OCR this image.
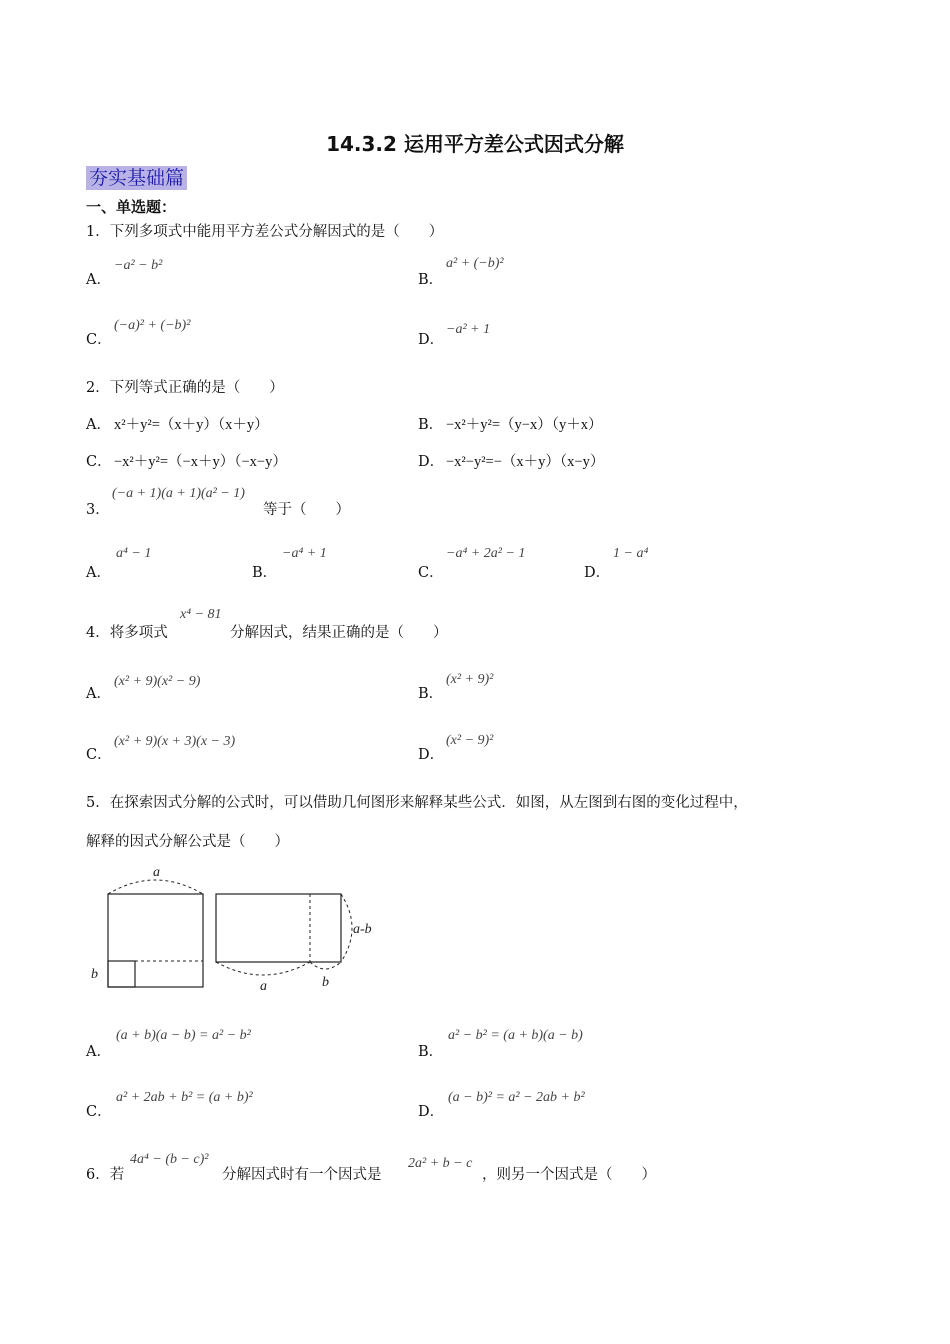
14.3.2 运用平方差公式因式分解
夯实基础篇
一、单选题：
1．下列多项式中能用平方差公式分解因式的是（　　）
A．
−a² − b²
B．
a² + (−b)²
C．
(−a)² + (−b)²
D．
−a² + 1
2．下列等式正确的是（　　）
A． x²＋y²=（x＋y）（x＋y）	B． −x²＋y²=（y−x）（y＋x）
C． −x²＋y²=（−x＋y）（−x−y）	D． −x²−y²=−（x＋y）（x−y）
3．
(−a + 1)(a + 1)(a² − 1)
等于（　　）
A．
a⁴ − 1
B．
−a⁴ + 1
C．
−a⁴ + 2a² − 1
D．
1 − a⁴
4．将多项式
x⁴ − 81
分解因式，结果正确的是（　　）
A．
(x² + 9)(x² − 9)
B．
(x² + 9)²
C．
(x² + 9)(x + 3)(x − 3)
D．
(x² − 9)²
5．在探索因式分解的公式时，可以借助几何图形来解释某些公式．如图，从左图到右图的变化过程中，
解释的因式分解公式是（　　）
a
b
a	b
a-b
A．
(a + b)(a − b) = a² − b²
B．
a² − b² = (a + b)(a − b)
C．
a² + 2ab + b² = (a + b)²
D．
(a − b)² = a² − 2ab + b²
6．若
4a⁴ − (b − c)²
分解因式时有一个因式是
2a² + b − c
，则另一个因式是（　　）
